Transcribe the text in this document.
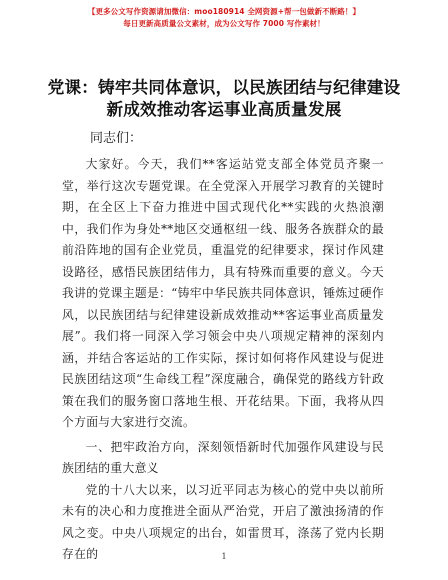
【更多公文写作资源请加微信：moo180914 全网资源+帮一包做新不断路！】
每日更新高质量公文素材，成为公文写作 7000 写作素材！
党课：铸牢共同体意识，以民族团结与纪律建设新成效推动客运事业高质量发展
同志们：

大家好。今天，我们**客运站党支部全体党员齐聚一堂，举行这次专题党课。在全党深入开展学习教育的关键时期，在全区上下奋力推进中国式现代化**实践的火热浪潮中，我们作为身处**地区交通枢纽一线、服务各族群众的最前沿阵地的国有企业党员，重温党的纪律要求，探讨作风建设路径，感悟民族团结伟力，具有特殊而重要的意义。今天我讲的党课主题是：“铸牢中华民族共同体意识，锤炼过硬作风，以民族团结与纪律建设新成效推动**客运事业高质量发展”。我们将一同深入学习领会中央八项规定精神的深刻内涵，并结合客运站的工作实际，探讨如何将作风建设与促进民族团结这项“生命线工程”深度融合，确保党的路线方针政策在我们的服务窗口落地生根、开花结果。下面，我将从四个方面与大家进行交流。

一、把牢政治方向，深刻领悟新时代加强作风建设与民族团结的重大意义

党的十八大以来，以习近平同志为核心的党中央以前所未有的决心和力度推进全面从严治党，开启了激浊扬清的作风之变。中央八项规定的出台，如雷贯耳，涤荡了党内长期存在的	1
